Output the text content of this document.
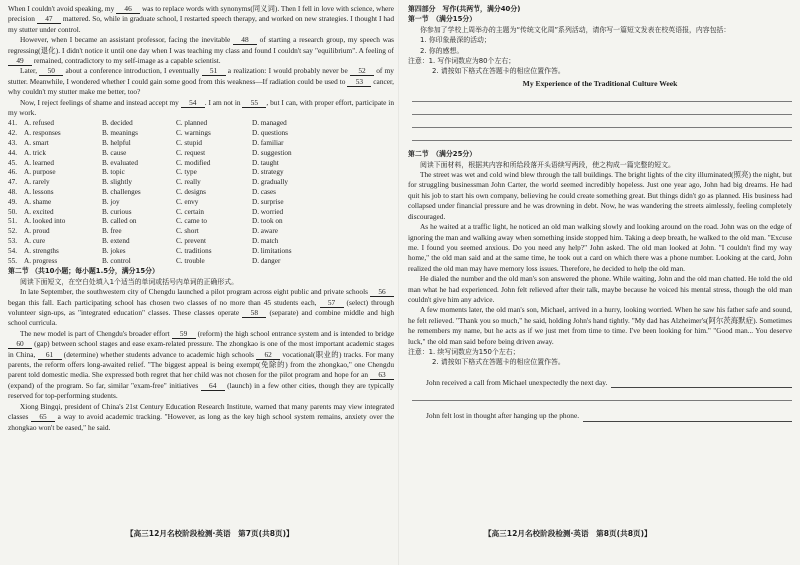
When I couldn't avoid speaking, my 46 was to replace words with synonyms(同义词). Then I fell in love with science, where precision 47 mattered. So, while in graduate school, I restarted speech therapy, and worked on new strategies. I thought I had my stutter under control.

However, when I became an assistant professor, facing the inevitable 48 of starting a research group, my speech was regressing(退化). I didn't notice it until one day when I was teaching my class and found I couldn't say "equilibrium". A feeling of 49 remained, contradictory to my self-image as a capable scientist.

Later, 50 about a conference introduction, I eventually 51 a realization: I would probably never be 52 of my stutter. Meanwhile, I wondered whether I could gain some good from this weakness—If radiation could be used to 53 cancer, why couldn't my stutter make me better, too?

Now, I reject feelings of shame and instead accept my 54 . I am not in 55 , but I can, with proper effort, participate in my work.

41. A. refused	B. decided	C. planned	D. managed
42. A. responses	B. meanings	C. warnings	D. questions
43. A. smart	B. helpful	C. stupid	D. familiar
44. A. trick	B. cause	C. request	D. suggestion
45. A. learned	B. evaluated	C. modified	D. taught
46. A. purpose	B. topic	C. type	D. strategy
47. A. rarely	B. slightly	C. really	D. gradually
48. A. lessons	B. challenges	C. designs	D. cases
49. A. shame	B. joy	C. envy	D. surprise
50. A. excited	B. curious	C. certain	D. worried
51. A. looked into	B. called on	C. came to	D. took on
52. A. proud	B. free	C. short	D. aware
53. A. cure	B. extend	C. prevent	D. match
54. A. strengths	B. jokes	C. traditions	D. limitations
55. A. progress	B. control	C. trouble	D. danger
第二节 （共10小题；每小题1.5分，满分15分）

阅读下面短文，在空白处填入1个适当的单词或括号内单词的正确形式。

In late September, the southwestern city of Chengdu launched a pilot program across eight public and private schools 56 began this fall. Each participating school has chosen two classes of no more than 45 students each, 57 (select) through volunteer sign-ups, as "integrated education" classes. These classes operate 58 (separate) and combine middle and high school curricula.

The new model is part of Chengdu's broader effort 59 (reform) the high school entrance system and is intended to bridge 60 (gap) between school stages and ease exam-related pressure. The zhongkao is one of the most important academic stages in China, 61 (determine) whether students advance to academic high schools 62 vocational(职业的) tracks. For many parents, the reform offers long-awaited relief. "The biggest appeal is being exempt(免除的) from the zhongkao," one Chengdu parent told domestic media. She expressed both regret that her child was not chosen for the pilot program and hope for an 63 (expand) of the program. So far, similar "exam-free" initiatives 64 (launch) in a few other cities, though they are typically reserved for top-performing students.

Xiong Bingqi, president of China's 21st Century Education Research Institute, warned that many parents may view integrated classes 65 a way to avoid academic tracking. "However, as long as the key high school system remains, anxiety over the zhongkao won't be eased," he said.

【高三12月名校阶段检测·英语　第7页(共8页)】
第四部分　写作(共两节，满分40分)
第一节　（满分15分）

你参加了学校上周举办的主题为“传统文化周”系列活动，请你写一篇短文发表在校英语报，内容包括：

1. 你印象最深的活动；
2. 你的感想。
注意：1. 写作词数应为80个左右；
2. 请按如下格式在答题卡的相应位置作答。
My Experience of the Traditional Culture Week
第二节　（满分25分）

阅读下面材料，根据其内容和所给段落开头语续写两段，使之构成一篇完整的短文。

The street was wet and cold wind blew through the tall buildings. The bright lights of the city illuminated(照亮) the night, but for struggling businessman John Carter, the world seemed incredibly hopeless. Just one year ago, John had big dreams. He had quit his job to start his own company, believing he could create something great. But things didn't go as planned. His business had collapsed under financial pressure and he was drowning in debt. Now, he was wandering the streets aimlessly, feeling completely discouraged.

As he waited at a traffic light, he noticed an old man walking slowly and looking around on the road. John was on the edge of ignoring the man and walking away when something inside stopped him. Taking a deep breath, he walked to the old man. "Excuse me. I found you seemed anxious. Do you need any help?" John asked. The old man looked at John. "I couldn't find my way home," the old man said and at the same time, he took out a card on which there was a phone number. Looking at the card, John realized the old man may have memory loss issues. Therefore, he decided to help the old man.

He dialed the number and the old man's son answered the phone. While waiting, John and the old man chatted. He told the old man what he had experienced. John felt relieved after their talk, maybe because he voiced his mental stress, though the old man couldn't give him any advice.

A few moments later, the old man's son, Michael, arrived in a hurry, looking worried. When he saw his father safe and sound, he felt relieved. "Thank you so much," he said, holding John's hand tightly. "My dad has Alzheimer's(阿尔茨海默症). Sometimes he remembers my name, but he acts as if we just met from time to time. I've been looking for him." "Good man... You deserve luck," the old man said before being driven away.

注意：1. 续写词数应为150个左右；
2. 请按如下格式在答题卡的相应位置作答。
John received a call from Michael unexpectedly the next day.
John felt lost in thought after hanging up the phone.
【高三12月名校阶段检测·英语　第8页(共8页)】
